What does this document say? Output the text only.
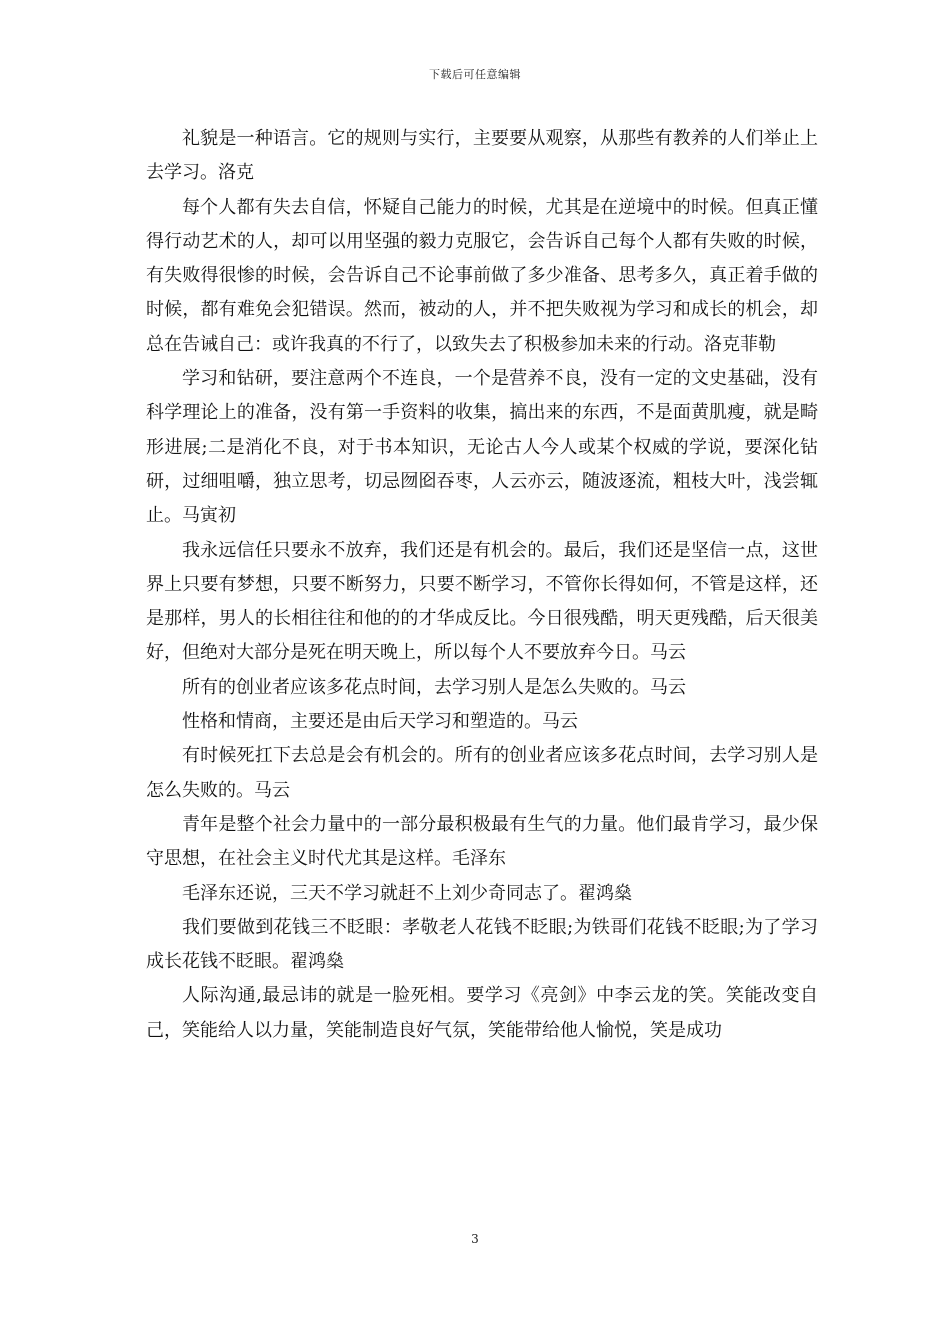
下载后可任意编辑

礼貌是一种语言。它的规则与实行，主要要从观察，从那些有教养的人们举止上去学习。洛克

每个人都有失去自信，怀疑自己能力的时候，尤其是在逆境中的时候。但真正懂得行动艺术的人，却可以用坚强的毅力克服它，会告诉自己每个人都有失败的时候，有失败得很惨的时候，会告诉自己不论事前做了多少准备、思考多久，真正着手做的时候，都有难免会犯错误。然而，被动的人，并不把失败视为学习和成长的机会，却总在告诫自己：或许我真的不行了，以致失去了积极参加未来的行动。洛克菲勒

学习和钻研，要注意两个不连良，一个是营养不良，没有一定的文史基础，没有科学理论上的准备，没有第一手资料的收集，搞出来的东西，不是面黄肌瘦，就是畸形进展;二是消化不良，对于书本知识，无论古人今人或某个权威的学说，要深化钻研，过细咀嚼，独立思考，切忌囫囵吞枣，人云亦云，随波逐流，粗枝大叶，浅尝辄止。马寅初

我永远信任只要永不放弃，我们还是有机会的。最后，我们还是坚信一点，这世界上只要有梦想，只要不断努力，只要不断学习，不管你长得如何，不管是这样，还是那样，男人的长相往往和他的的才华成反比。今日很残酷，明天更残酷，后天很美好，但绝对大部分是死在明天晚上，所以每个人不要放弃今日。马云

所有的创业者应该多花点时间，去学习别人是怎么失败的。马云

性格和情商，主要还是由后天学习和塑造的。马云

有时候死扛下去总是会有机会的。所有的创业者应该多花点时间，去学习别人是怎么失败的。马云

青年是整个社会力量中的一部分最积极最有生气的力量。他们最肯学习，最少保守思想，在社会主义时代尤其是这样。毛泽东

毛泽东还说，三天不学习就赶不上刘少奇同志了。翟鸿燊

我们要做到花钱三不眨眼：孝敬老人花钱不眨眼;为铁哥们花钱不眨眼;为了学习成长花钱不眨眼。翟鸿燊

人际沟通,最忌讳的就是一脸死相。要学习《亮剑》中李云龙的笑。笑能改变自己，笑能给人以力量，笑能制造良好气氛，笑能带给他人愉悦，笑是成功

3
